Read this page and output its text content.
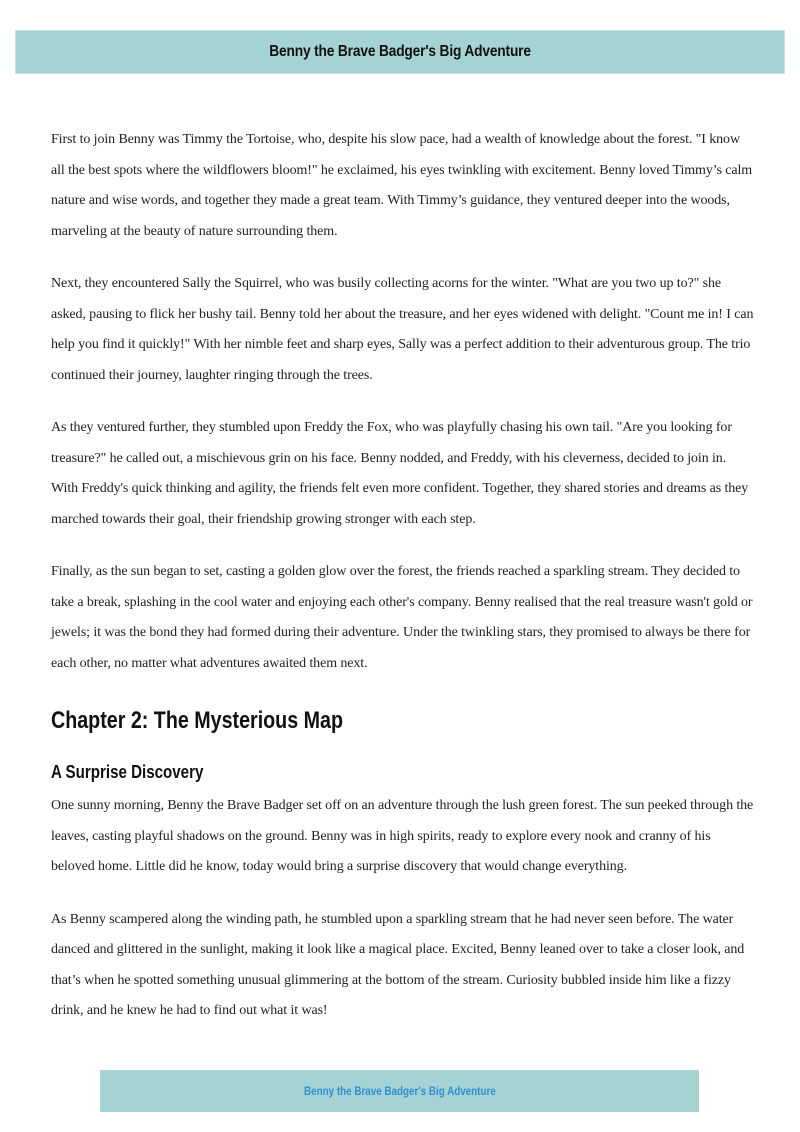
Benny the Brave Badger's Big Adventure

First to join Benny was Timmy the Tortoise, who, despite his slow pace, had a wealth of knowledge about the forest. "I know all the best spots where the wildflowers bloom!" he exclaimed, his eyes twinkling with excitement. Benny loved Timmy’s calm nature and wise words, and together they made a great team. With Timmy’s guidance, they ventured deeper into the woods, marveling at the beauty of nature surrounding them.

Next, they encountered Sally the Squirrel, who was busily collecting acorns for the winter. "What are you two up to?" she asked, pausing to flick her bushy tail. Benny told her about the treasure, and her eyes widened with delight. "Count me in! I can help you find it quickly!" With her nimble feet and sharp eyes, Sally was a perfect addition to their adventurous group. The trio continued their journey, laughter ringing through the trees.

As they ventured further, they stumbled upon Freddy the Fox, who was playfully chasing his own tail. "Are you looking for treasure?" he called out, a mischievous grin on his face. Benny nodded, and Freddy, with his cleverness, decided to join in. With Freddy's quick thinking and agility, the friends felt even more confident. Together, they shared stories and dreams as they marched towards their goal, their friendship growing stronger with each step.

Finally, as the sun began to set, casting a golden glow over the forest, the friends reached a sparkling stream. They decided to take a break, splashing in the cool water and enjoying each other's company. Benny realised that the real treasure wasn't gold or jewels; it was the bond they had formed during their adventure. Under the twinkling stars, they promised to always be there for each other, no matter what adventures awaited them next.

Chapter 2: The Mysterious Map
A Surprise Discovery

One sunny morning, Benny the Brave Badger set off on an adventure through the lush green forest. The sun peeked through the leaves, casting playful shadows on the ground. Benny was in high spirits, ready to explore every nook and cranny of his beloved home. Little did he know, today would bring a surprise discovery that would change everything.

As Benny scampered along the winding path, he stumbled upon a sparkling stream that he had never seen before. The water danced and glittered in the sunlight, making it look like a magical place. Excited, Benny leaned over to take a closer look, and that’s when he spotted something unusual glimmering at the bottom of the stream. Curiosity bubbled inside him like a fizzy drink, and he knew he had to find out what it was!

Benny the Brave Badger's Big Adventure
